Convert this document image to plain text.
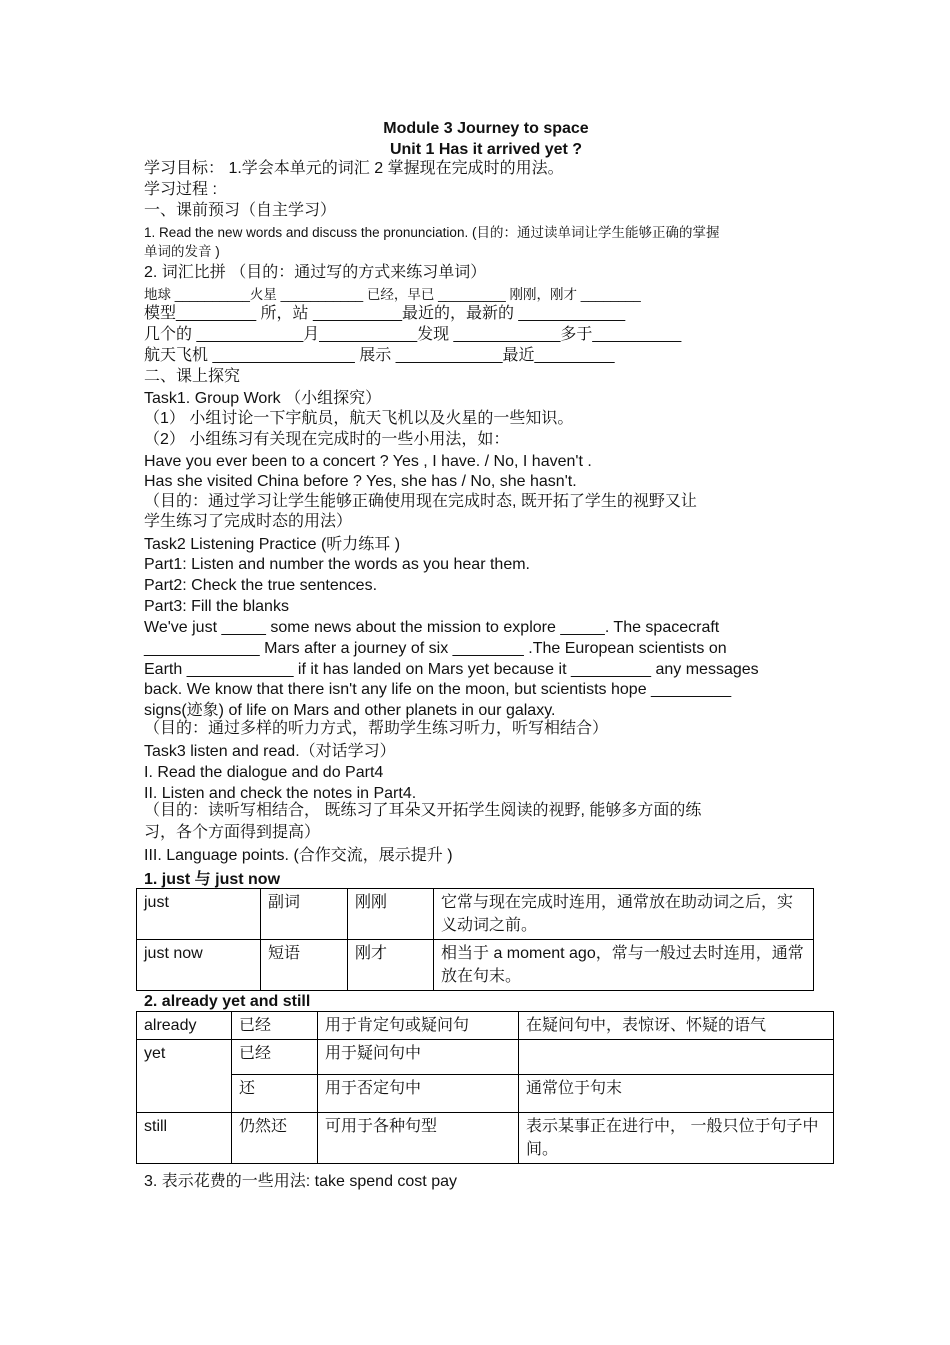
Module 3 Journey to space
Unit 1 Has it arrived yet ?
学习目标： 1.学会本单元的词汇 2 掌握现在完成时的用法。
学习过程 :
一、课前预习（自主学习）
1. Read the new words and discuss the pronunciation. (目的：通过读单词让学生能够正确的掌握
单词的发音 )
2. 词汇比拼 （目的：通过写的方式来练习单词）
地球 __________火星 ___________ 已经，早已 _________ 刚刚，刚才 ________
模型_________ 所，站 __________最近的，最新的 ____________
几个的 ____________月___________发现 ____________多于__________
航天飞机 ________________ 展示 ____________最近_________
二、课上探究
Task1. Group Work （小组探究）
（1） 小组讨论一下宇航员，航天飞机以及火星的一些知识。
（2） 小组练习有关现在完成时的一些小用法，如：
Have you ever been to a concert ? Yes , I have. / No, I haven't .
Has she visited China before ? Yes, she has / No, she hasn't.
（目的：通过学习让学生能够正确使用现在完成时态, 既开拓了学生的视野又让
学生练习了完成时态的用法）
Task2 Listening Practice (听力练耳 )
Part1: Listen and number the words as you hear them.
Part2: Check the true sentences.
Part3: Fill the blanks
We've just _____ some news about the mission to explore _____. The spacecraft
_____________ Mars after a journey of six ________ .The European scientists on
Earth ____________ if it has landed on Mars yet because it _________ any messages
back. We know that there isn't any life on the moon, but scientists hope _________
signs(迹象) of life on Mars and other planets in our galaxy.
（目的：通过多样的听力方式，帮助学生练习听力，听写相结合）
Task3 listen and read.（对话学习）
I. Read the dialogue and do Part4
II. Listen and check the notes in Part4.
（目的：读听写相结合， 既练习了耳朵又开拓学生阅读的视野, 能够多方面的练
习，各个方面得到提高）
III. Language points. (合作交流，展示提升 )
1. just 与 just now
just	副词	刚刚	它常与现在完成时连用，通常放在助动词之后，实义动词之前。
just now	短语	刚才	相当于 a moment ago，常与一般过去时连用，通常放在句末。
2. already yet and still
already	已经	用于肯定句或疑问句	在疑问句中，表惊讶、怀疑的语气
yet	已经	用于疑问句中	
	还	用于否定句中	通常位于句末
still	仍然还	可用于各种句型	表示某事正在进行中， 一般只位于句子中间。
3. 表示花费的一些用法: take spend cost pay
